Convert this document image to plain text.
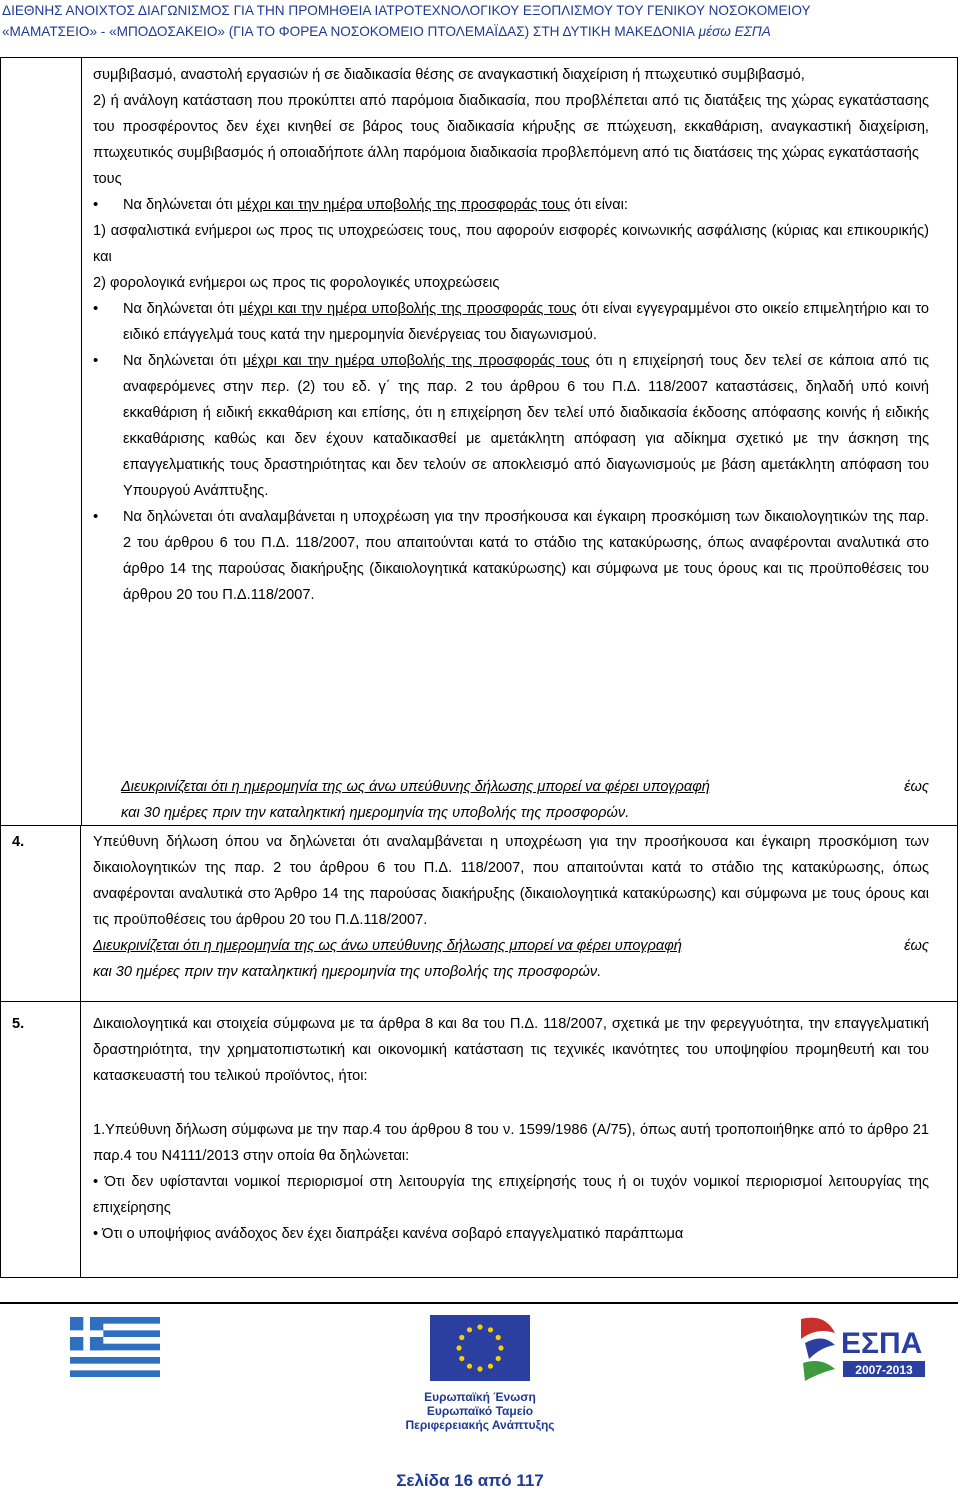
ΔΙΕΘΝΗΣ ΑΝΟΙΧΤΟΣ ΔΙΑΓΩΝΙΣΜΟΣ ΓΙΑ ΤΗΝ ΠΡΟΜΗΘΕΙΑ ΙΑΤΡΟΤΕΧΝΟΛΟΓΙΚΟΥ ΕΞΟΠΛΙΣΜΟΥ ΤΟΥ ΓΕΝΙΚΟΥ ΝΟΣΟΚΟΜΕΙΟΥ
«ΜΑΜΑΤΣΕΙΟ» - «ΜΠΟΔΟΣΑΚΕΙΟ» (ΓΙΑ ΤΟ ΦΟΡΕΑ ΝΟΣΟΚΟΜΕΙΟ ΠΤΟΛΕΜΑΪΔΑΣ) ΣΤΗ ΔΥΤΙΚΗ ΜΑΚΕΔΟΝΙΑ μέσω ΕΣΠΑ

συμβιβασμό, αναστολή εργασιών ή σε διαδικασία θέσης σε αναγκαστική διαχείριση ή πτωχευτικό συμβιβασμό,

2) ή ανάλογη κατάσταση που προκύπτει από παρόμοια διαδικασία, που προβλέπεται από τις διατάξεις της χώρας εγκατάστασης του προσφέροντος δεν έχει κινηθεί σε βάρος τους διαδικασία κήρυξης σε πτώχευση, εκκαθάριση, αναγκαστική διαχείριση, πτωχευτικός συμβιβασμός ή οποιαδήποτε άλλη παρόμοια διαδικασία προβλεπόμενη από τις διατάσεις της χώρας εγκατάστασής

τους

• Να δηλώνεται ότι μέχρι και την ημέρα υποβολής της προσφοράς τους ότι είναι:

1) ασφαλιστικά ενήμεροι ως προς τις υποχρεώσεις τους, που αφορούν εισφορές κοινωνικής ασφάλισης (κύριας και επικουρικής) και

2) φορολογικά ενήμεροι ως προς τις φορολογικές υποχρεώσεις

• Να δηλώνεται ότι μέχρι και την ημέρα υποβολής της προσφοράς τους ότι είναι εγγεγραμμένοι στο οικείο επιμελητήριο και το ειδικό επάγγελμά τους κατά την ημερομηνία διενέργειας του διαγωνισμού.
• Να δηλώνεται ότι μέχρι και την ημέρα υποβολής της προσφοράς τους ότι η επιχείρησή τους δεν τελεί σε κάποια από τις αναφερόμενες στην περ. (2) του εδ. γ΄ της παρ. 2 του άρθρου 6 του Π.Δ. 118/2007 καταστάσεις, δηλαδή υπό κοινή εκκαθάριση ή ειδική εκκαθάριση και επίσης, ότι η επιχείρηση δεν τελεί υπό διαδικασία έκδοσης απόφασης κοινής ή ειδικής εκκαθάρισης καθώς και δεν έχουν καταδικασθεί με αμετάκλητη απόφαση για αδίκημα σχετικό με την άσκηση της επαγγελματικής τους δραστηριότητας και δεν τελούν σε αποκλεισμό από διαγωνισμούς με βάση αμετάκλητη απόφαση του Υπουργού Ανάπτυξης.
• Να δηλώνεται ότι αναλαμβάνεται η υποχρέωση για την προσήκουσα και έγκαιρη προσκόμιση των δικαιολογητικών της παρ. 2 του άρθρου 6 του Π.Δ. 118/2007, που απαιτούνται κατά το στάδιο της κατακύρωσης, όπως αναφέρονται αναλυτικά στο άρθρο 14 της παρούσας διακήρυξης (δικαιολογητικά κατακύρωσης) και σύμφωνα με τους όρους και τις προϋποθέσεις του άρθρου 20 του Π.Δ.118/2007.
Διευκρινίζεται ότι η ημερομηνία της ως άνω υπεύθυνης δήλωσης μπορεί να φέρει υπογραφή	έως
και 30 ημέρες πριν την καταληκτική ημερομηνία της υποβολής της προσφορών.
4.	Υπεύθυνη δήλωση όπου να δηλώνεται ότι αναλαμβάνεται η υποχρέωση για την προσήκουσα και έγκαιρη προσκόμιση των δικαιολογητικών της παρ. 2 του άρθρου 6 του Π.Δ. 118/2007, που απαιτούνται κατά το στάδιο της κατακύρωσης, όπως αναφέρονται αναλυτικά στο Άρθρο 14 της παρούσας διακήρυξης (δικαιολογητικά κατακύρωσης) και σύμφωνα με τους όρους και τις προϋποθέσεις του άρθρου 20 του Π.Δ.118/2007.

Διευκρινίζεται ότι η ημερομηνία της ως άνω υπεύθυνης δήλωσης μπορεί να φέρει υπογραφή	έως
και 30 ημέρες πριν την καταληκτική ημερομηνία της υποβολής της προσφορών.
5.	Δικαιολογητικά και στοιχεία σύμφωνα με τα άρθρα 8 και 8α του Π.Δ. 118/2007, σχετικά με την φερεγγυότητα, την επαγγελματική δραστηριότητα, την χρηματοπιστωτική και οικονομική κατάσταση τις τεχνικές ικανότητες του υποψηφίου προμηθευτή και του κατασκευαστή του τελικού προϊόντος, ήτοι:

1.Υπεύθυνη δήλωση σύμφωνα με την παρ.4 του άρθρου 8 του ν. 1599/1986 (Α/75), όπως αυτή τροποποιήθηκε από το άρθρο 21 παρ.4 του Ν4111/2013 στην οποία θα δηλώνεται:

• Ότι δεν υφίστανται νομικοί περιορισμοί στη λειτουργία της επιχείρησής τους ή οι τυχόν νομικοί περιορισμοί λειτουργίας της επιχείρησης

• Ότι ο υποψήφιος ανάδοχος δεν έχει διαπράξει κανένα σοβαρό επαγγελματικό παράπτωμα

Ευρωπαϊκή Ένωση
Ευρωπαϊκό Ταμείο
Περιφερειακής Ανάπτυξης
ΕΣΠΑ
2007-2013
Σελίδα 16 από 117
